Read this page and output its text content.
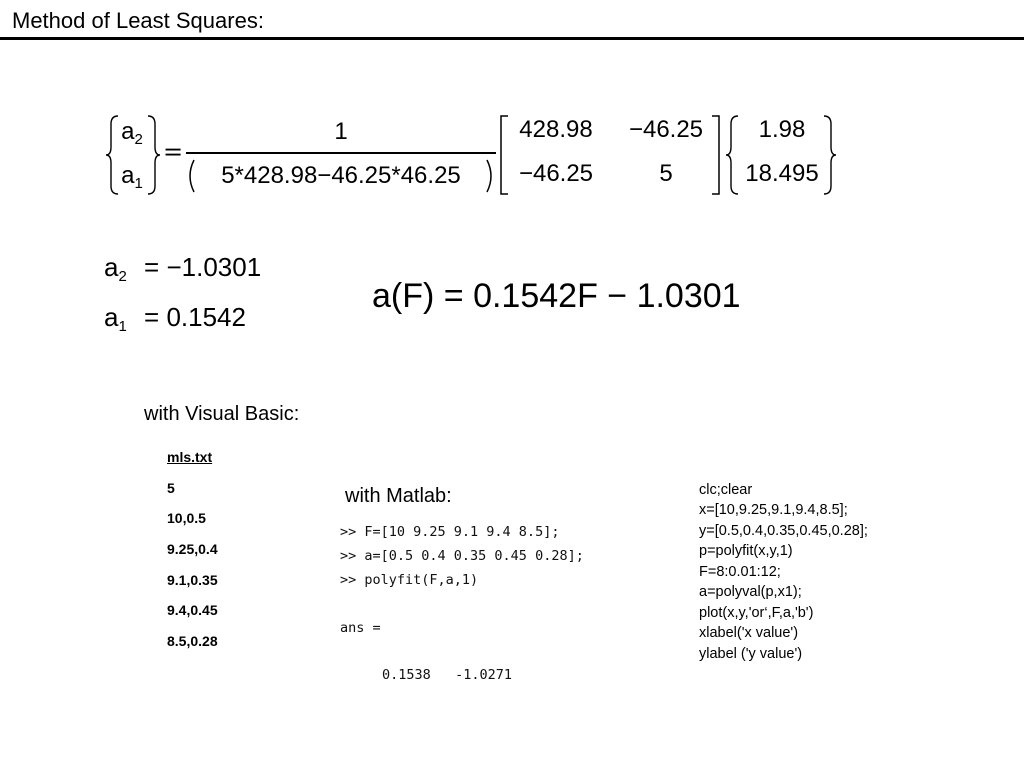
Method of Least Squares:
$a_2$
$a_1$
=
1
5*428.98−46.25*46.25
428.98	−46.25
−46.25	5
1.98
18.495
$a_2 = -1.0301$
$a_1 = 0.1542$
a(F) = 0.1542F − 1.0301
with Visual Basic:
mls.txt
5
10,0.5
9.25,0.4
9.1,0.35
9.4,0.45
8.5,0.28
with Matlab:
>> F=[10 9.25 9.1 9.4 8.5];
>> a=[0.5 0.4 0.35 0.45 0.28];
>> polyfit(F,a,1)
ans =
0.1538   -1.0271
clc;clear
x=[10,9.25,9.1,9.4,8.5];
y=[0.5,0.4,0.35,0.45,0.28];
p=polyfit(x,y,1)
F=8:0.01:12;
a=polyval(p,x1);
plot(x,y,'or‘,F,a,'b')
xlabel('x value')
ylabel ('y value')
